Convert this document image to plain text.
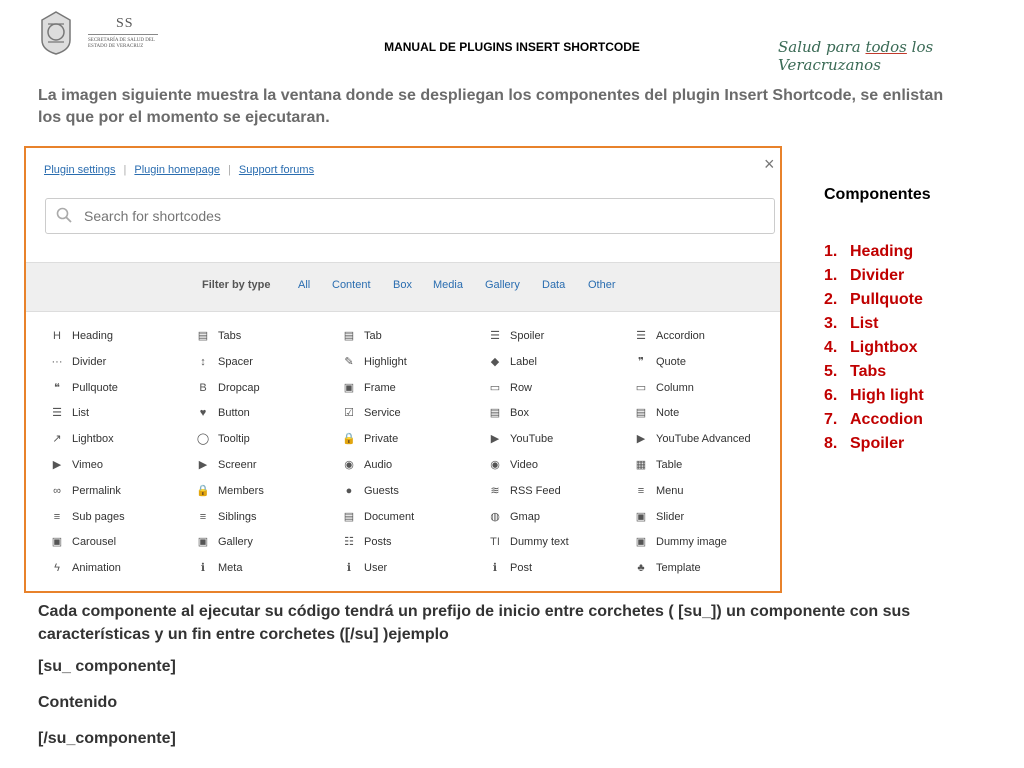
SS
SECRETARÍA DE SALUD DEL ESTADO DE VERACRUZ	MANUAL DE PLUGINS INSERT SHORTCODE	Salud para todos los Veracruzanos
La imagen siguiente muestra la ventana donde se despliegan los componentes del plugin Insert Shortcode, se enlistan los que por el momento se ejecutaran.
×
Plugin settings | Plugin homepage | Support forums
Search for shortcodes
Filter by type	All Content Box Media Gallery Data Other
H Heading	▤ Tabs	▤ Tab	☰ Spoiler	☰ Accordion
··· Divider	↕ Spacer	✎ Highlight	◆ Label	❞ Quote
❝ Pullquote	B Dropcap	▣ Frame	▭ Row	▭ Column
☰ List	♥ Button	☑ Service	▤ Box	▤ Note
↗ Lightbox	◯ Tooltip	🔒 Private	▶ YouTube	▶ YouTube Advanced
▶ Vimeo	▶ Screenr	◉ Audio	◉ Video	▦ Table
∞ Permalink	🔒 Members	● Guests	≋ RSS Feed	≡ Menu
≡ Sub pages	≡ Siblings	▤ Document	◍ Gmap	▣ Slider
▣ Carousel	▣ Gallery	☷ Posts	TI Dummy text	▣ Dummy image
ϟ Animation	ℹ Meta	ℹ User	ℹ Post	♣ Template
Componentes
1. Heading
1. Divider
2. Pullquote
3. List
4. Lightbox
5. Tabs
6. High light
7. Accodion
8. Spoiler
Cada componente al ejecutar su código tendrá un prefijo de inicio entre corchetes ( [su_]) un componente con sus características y un fin entre corchetes ([/su] )ejemplo
[su_ componente]
Contenido
[/su_componente]
